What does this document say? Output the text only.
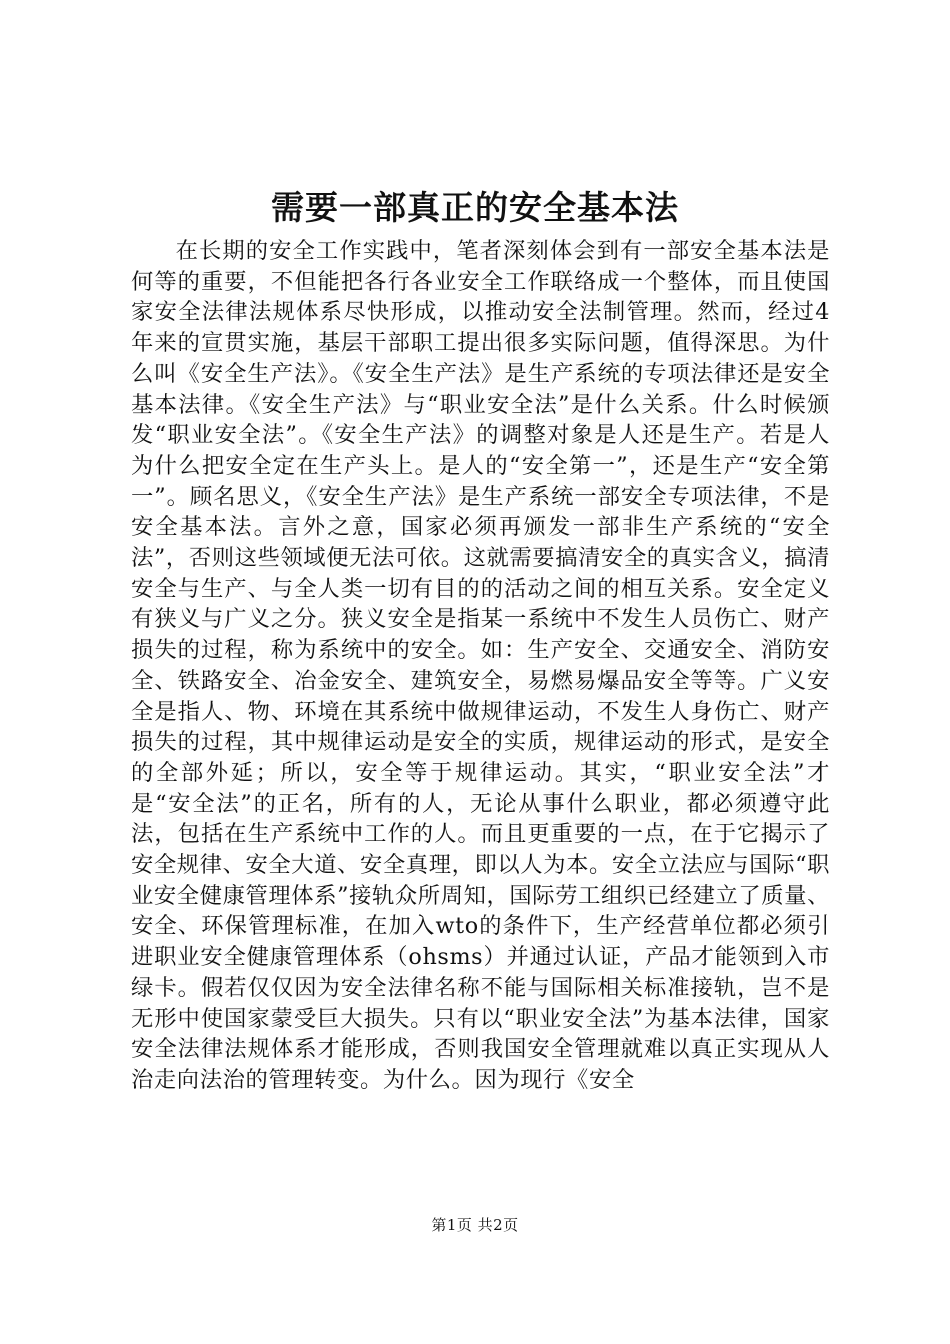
需要一部真正的安全基本法

在长期的安全工作实践中，笔者深刻体会到有一部安全基本法是何等的重要，不但能把各行各业安全工作联络成一个整体，而且使国家安全法律法规体系尽快形成，以推动安全法制管理。然而，经过4年来的宣贯实施，基层干部职工提出很多实际问题，值得深思。为什么叫《安全生产法》。《安全生产法》是生产系统的专项法律还是安全基本法律。《安全生产法》与“职业安全法”是什么关系。什么时候颁发“职业安全法”。《安全生产法》的调整对象是人还是生产。若是人为什么把安全定在生产头上。是人的“安全第一”，还是生产“安全第一”。顾名思义，《安全生产法》是生产系统一部安全专项法律，不是安全基本法。言外之意，国家必须再颁发一部非生产系统的“安全法”，否则这些领域便无法可依。这就需要搞清安全的真实含义，搞清安全与生产、与全人类一切有目的的活动之间的相互关系。安全定义有狭义与广义之分。狭义安全是指某一系统中不发生人员伤亡、财产损失的过程，称为系统中的安全。如：生产安全、交通安全、消防安全、铁路安全、冶金安全、建筑安全，易燃易爆品安全等等。广义安全是指人、物、环境在其系统中做规律运动，不发生人身伤亡、财产损失的过程，其中规律运动是安全的实质，规律运动的形式，是安全的全部外延；所以，安全等于规律运动。其实，“职业安全法”才是“安全法”的正名，所有的人，无论从事什么职业，都必须遵守此法，包括在生产系统中工作的人。而且更重要的一点，在于它揭示了安全规律、安全大道、安全真理，即以人为本。安全立法应与国际“职业安全健康管理体系”接轨众所周知，国际劳工组织已经建立了质量、安全、环保管理标准，在加入wto的条件下，生产经营单位都必须引进职业安全健康管理体系（ohsms）并通过认证，产品才能领到入市绿卡。假若仅仅因为安全法律名称不能与国际相关标准接轨，岂不是无形中使国家蒙受巨大损失。只有以“职业安全法”为基本法律，国家安全法律法规体系才能形成，否则我国安全管理就难以真正实现从人治走向法治的管理转变。为什么。因为现行《安全

第1页 共2页
